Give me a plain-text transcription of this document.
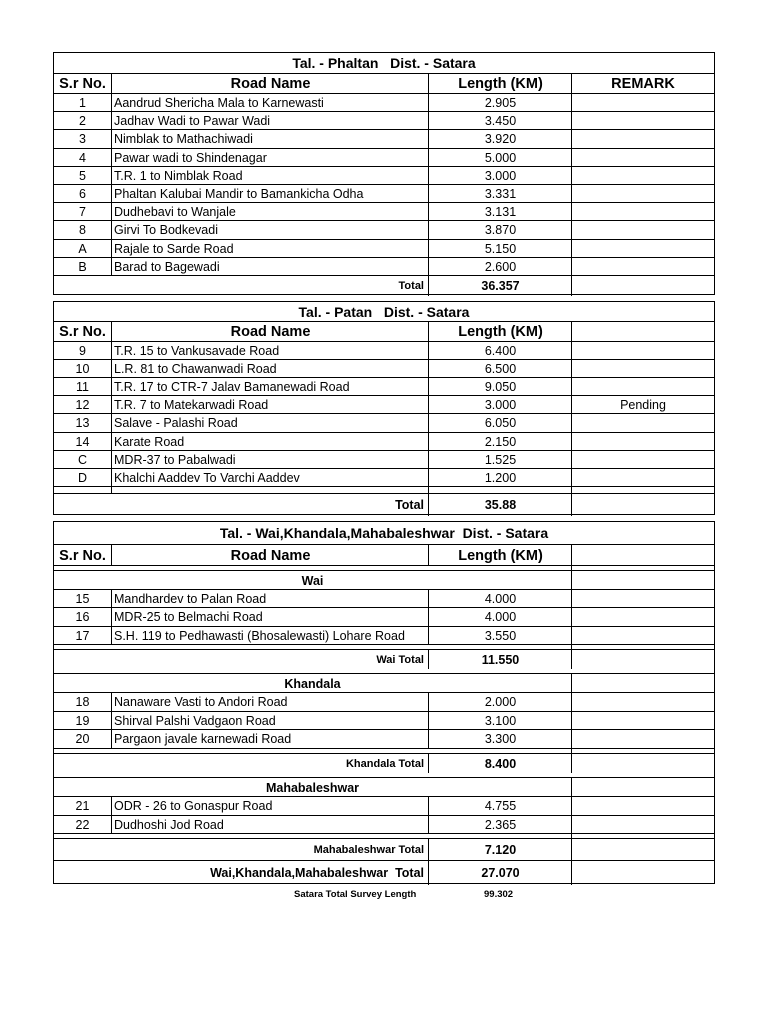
Tal. - Phaltan   Dist. - Satara
S.r No.	Road Name	Length (KM)	REMARK
1	Aandrud Shericha Mala to Karnewasti	2.905
2	Jadhav Wadi to Pawar Wadi	3.450
3	Nimblak to Mathachiwadi	3.920
4	Pawar wadi to Shindenagar	5.000
5	T.R. 1 to Nimblak Road	3.000
6	Phaltan Kalubai Mandir to Bamankicha Odha	3.331
7	Dudhebavi to Wanjale	3.131
8	Girvi To Bodkevadi	3.870
A	Rajale to Sarde Road	5.150
B	Barad to Bagewadi	2.600
Total	36.357
Tal. - Patan   Dist. - Satara
S.r No.	Road Name	Length (KM)
9	T.R. 15 to Vankusavade Road	6.400
10	L.R. 81 to Chawanwadi Road	6.500
11	T.R. 17 to CTR-7 Jalav Bamanewadi Road	9.050
12	T.R. 7 to Matekarwadi Road	3.000	Pending
13	Salave - Palashi Road	6.050
14	Karate Road	2.150
C	MDR-37 to Pabalwadi	1.525
D	Khalchi Aaddev To Varchi Aaddev	1.200
Total	35.88
Tal. - Wai,Khandala,Mahabaleshwar  Dist. - Satara
S.r No.	Road Name	Length (KM)
Wai
15	Mandhardev to Palan Road	4.000
16	MDR-25 to Belmachi Road	4.000
17	S.H. 119 to Pedhawasti (Bhosalewasti) Lohare Road	3.550
Wai Total	11.550
Khandala
18	Nanaware Vasti to Andori Road	2.000
19	Shirval Palshi Vadgaon Road	3.100
20	Pargaon javale karnewadi Road	3.300
Khandala Total	8.400
Mahabaleshwar
21	ODR - 26 to Gonaspur Road	4.755
22	Dudhoshi Jod Road	2.365
Mahabaleshwar Total	7.120
Wai,Khandala,Mahabaleshwar  Total	27.070
Satara Total Survey Length	99.302
